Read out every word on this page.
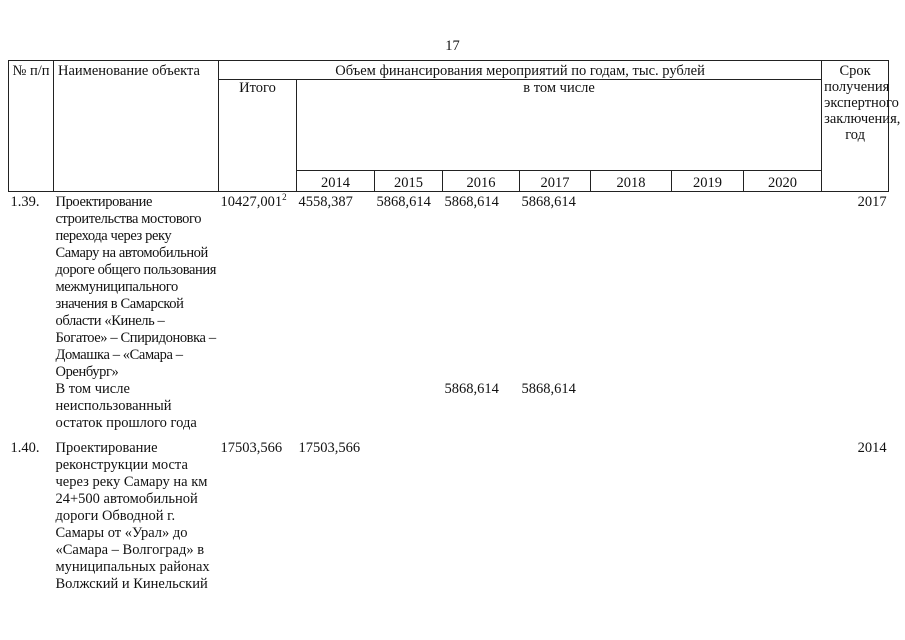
17
№ п/п	Наименование объекта	Объем финансирования мероприятий по годам, тыс. рублей								Срок получения экспертного заключения, год
		Итого	в том числе							
			2014	2015	2016	2017	2018	2019	2020	
1.39.	Проектирование строительства мостового перехода через реку Самару на автомобильной дороге общего пользования межмуниципального значения в Самарской области «Кинель – Богатое» – Спиридоновка – Домашка – «Самара – Оренбург»	10427,001$^2$	4558,387	5868,614	5868,614	5868,614				2017
	В том числе неиспользованный остаток прошлого года				5868,614	5868,614				
1.40.	Проектирование реконструкции моста через реку Самару на км 24+500 автомобильной дороги Обводной г. Самары от «Урал» до «Самара – Волгоград» в муниципальных районах Волжский и Кинельский	17503,566	17503,566							2014
